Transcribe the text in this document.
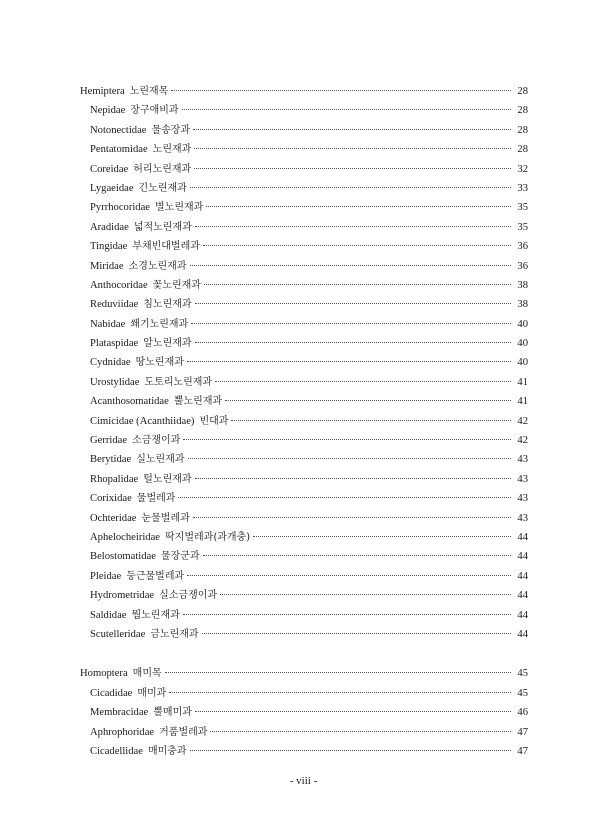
Hemiptera 노린재목	28
Nepidae 장구애비과	28
Notonectidae 물송장과	28
Pentatomidae 노린재과	28
Coreidae 허리노린재과	32
Lygaeidae 긴노린재과	33
Pyrrhocoridae 별노린재과	35
Aradidae 넓적노린재과	35
Tingidae 부채빈대벌레과	36
Miridae 소경노린재과	36
Anthocoridae 꽃노린재과	38
Reduviidae 침노린재과	38
Nabidae 쐐기노린재과	40
Plataspidae 알노린재과	40
Cydnidae 땅노린재과	40
Urostylidae 도토리노린재과	41
Acanthosomatidae 뿔노린재과	41
Cimicidae (Acanthiidae) 빈대과	42
Gerridae 소금쟁이과	42
Berytidae 실노린재과	43
Rhopalidae 털노린재과	43
Corixidae 물벌레과	43
Ochteridae 눈물벌레과	43
Aphelocheiridae 딱지벌레과(과개충)	44
Belostomatidae 물장군과	44
Pleidae 둥근물벌레과	44
Hydrometridae 실소금쟁이과	44
Saldidae 뭠노린재과	44
Scutelleridae 금노린재과	44
Homoptera 매미목	45
Cicadidae 매미과	45
Membracidae 뿔매미과	46
Aphrophoridae 거품벌레과	47
Cicadellidae 매미충과	47
- viii -
